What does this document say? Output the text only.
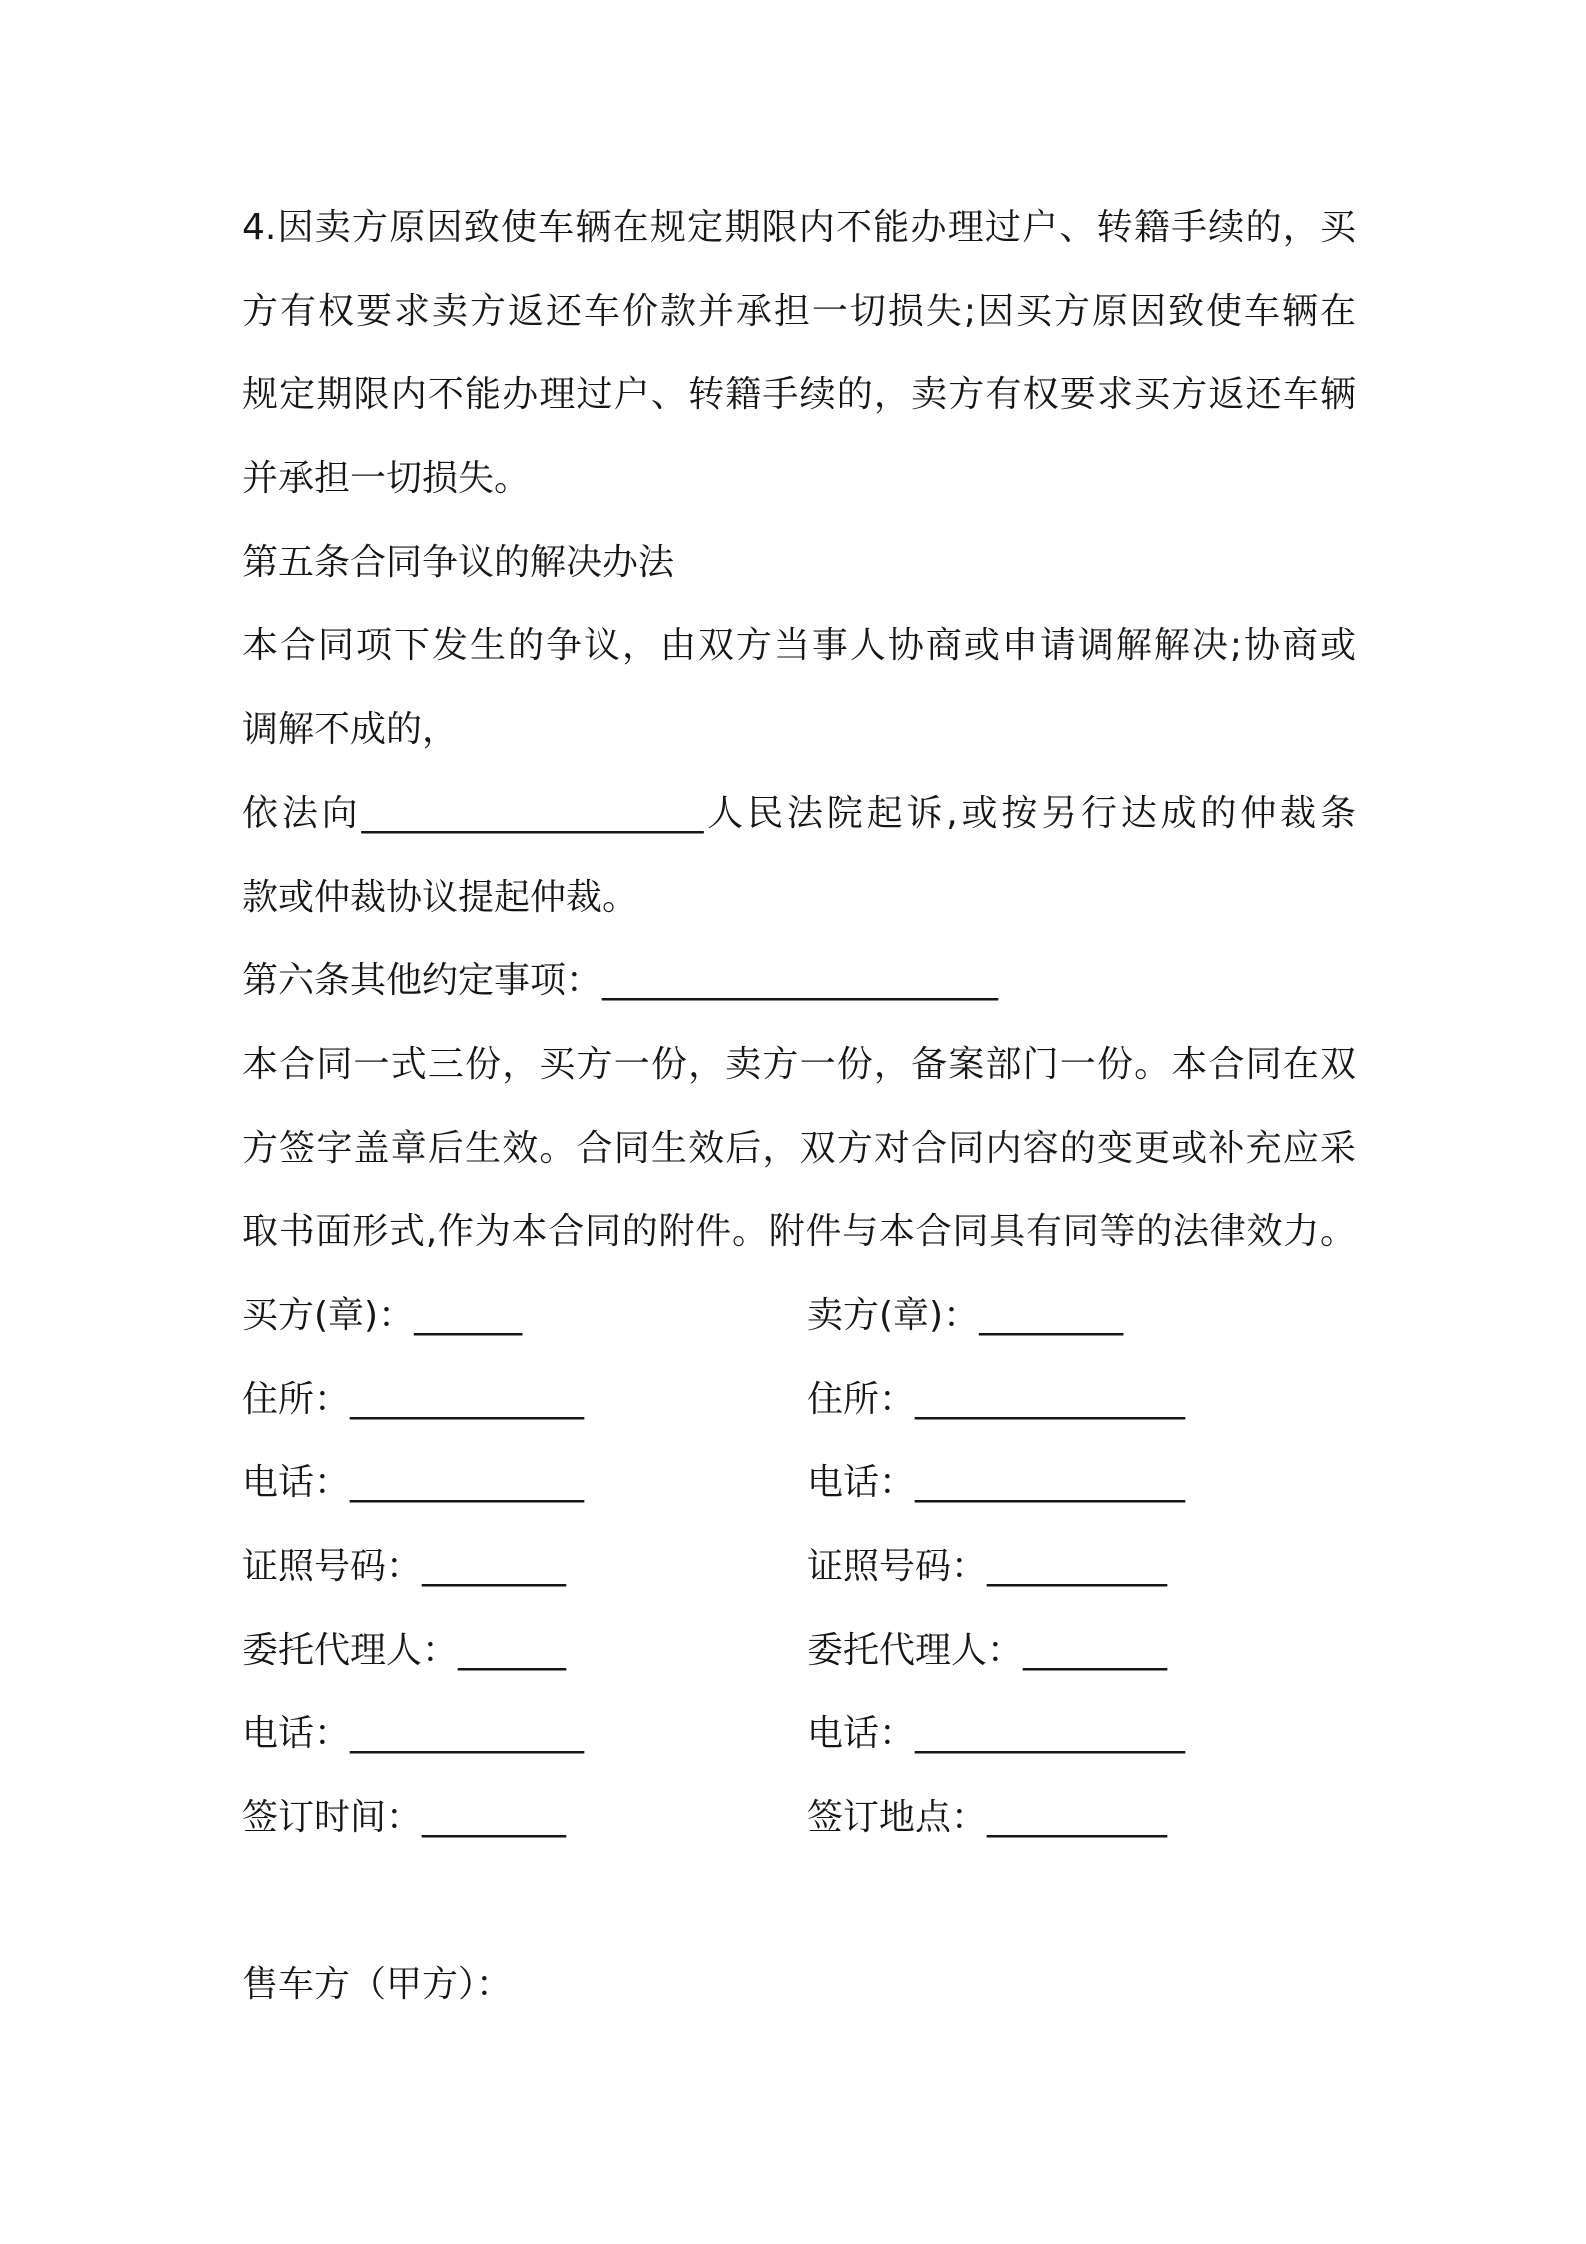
4.因卖方原因致使车辆在规定期限内不能办理过户、转籍手续的，买
方有权要求卖方返还车价款并承担一切损失;因买方原因致使车辆在
规定期限内不能办理过户、转籍手续的，卖方有权要求买方返还车辆
并承担一切损失。
第五条合同争议的解决办法
本合同项下发生的争议，由双方当事人协商或申请调解解决;协商或
调解不成的，
依法向___________________人民法院起诉,或按另行达成的仲裁条
款或仲裁协议提起仲裁。
第六条其他约定事项：______________________
本合同一式三份，买方一份，卖方一份，备案部门一份。本合同在双
方签字盖章后生效。合同生效后，双方对合同内容的变更或补充应采
取书面形式,作为本合同的附件。附件与本合同具有同等的法律效力。
买方(章)：______	卖方(章)：________
住所：_____________	住所：_______________
电话：_____________	电话：_______________
证照号码：________	证照号码：__________
委托代理人：______	委托代理人：________
电话：_____________	电话：_______________
签订时间：________	签订地点：__________
售车方（甲方）：
